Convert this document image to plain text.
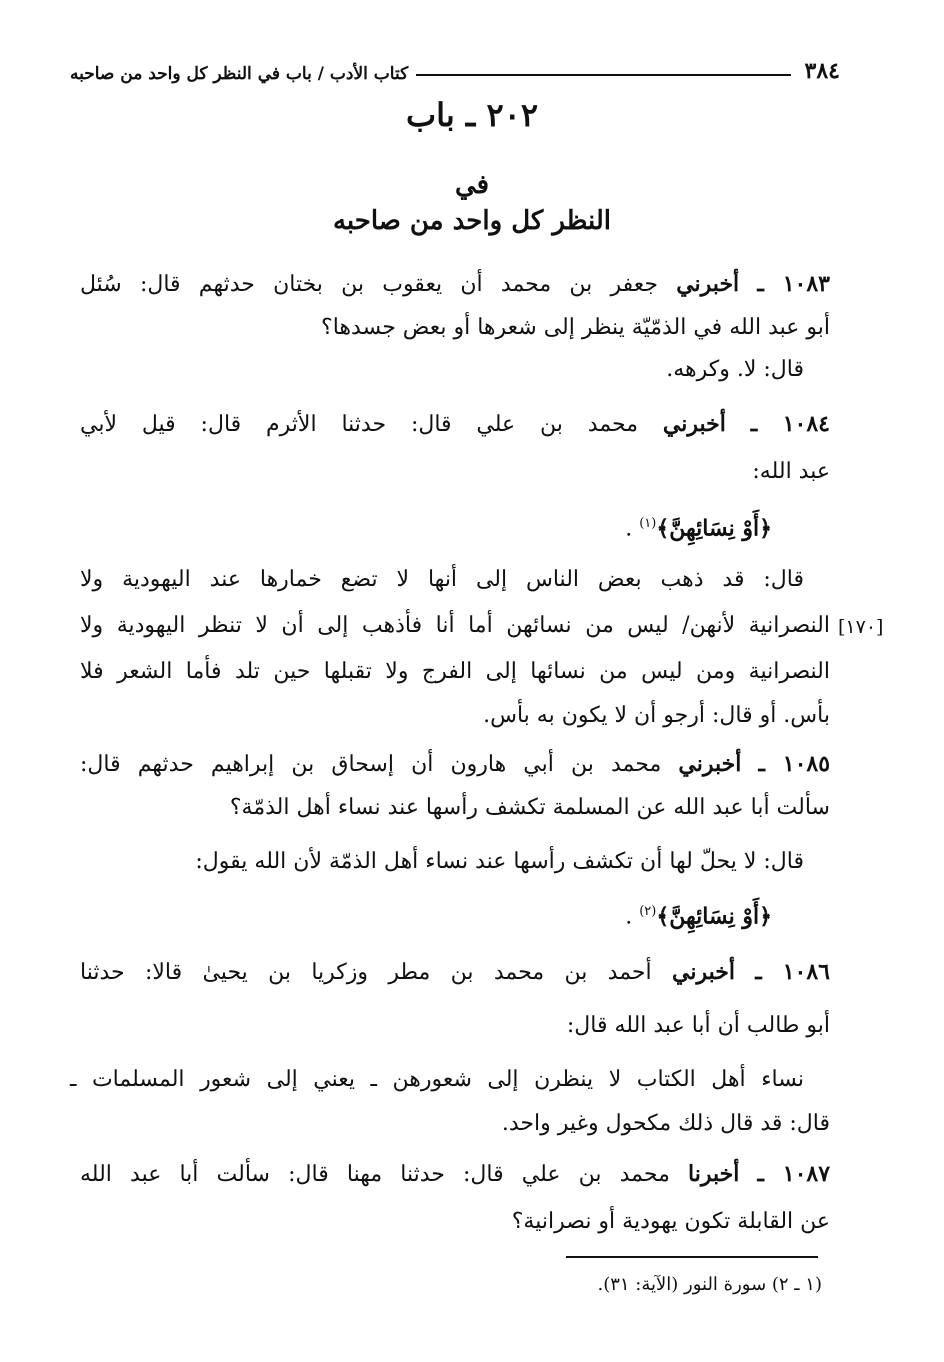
٣٨٤
كتاب الأدب / باب في النظر كل واحد من صاحبه
٢٠٢ ـ باب
في
النظر كل واحد من صاحبه
١٠٨٣ ـ أخبرني جعفر بن محمد أن يعقوب بن بختان حدثهم قال: سُئل
أبو عبد الله في الذمّيّة ينظر إلى شعرها أو بعض جسدها؟
قال: لا. وكرهه.
١٠٨٤ ـ أخبرني محمد بن علي قال: حدثنا الأثرم قال: قيل لأبي
عبد الله:
﴿أَوْ نِسَائِهِنَّ﴾$^{(١)}$ .
قال: قد ذهب بعض الناس إلى أنها لا تضع خمارها عند اليهودية ولا
النصرانية لأنهن/ ليس من نسائهن أما أنا فأذهب إلى أن لا تنظر اليهودية ولا
النصرانية ومن ليس من نسائها إلى الفرج ولا تقبلها حين تلد فأما الشعر فلا
بأس. أو قال: أرجو أن لا يكون به بأس.
[١٧٠]
١٠٨٥ ـ أخبرني محمد بن أبي هارون أن إسحاق بن إبراهيم حدثهم قال:
سألت أبا عبد الله عن المسلمة تكشف رأسها عند نساء أهل الذمّة؟
قال: لا يحلّ لها أن تكشف رأسها عند نساء أهل الذمّة لأن الله يقول:
﴿أَوْ نِسَائِهِنَّ﴾$^{(٢)}$ .
١٠٨٦ ـ أخبرني أحمد بن محمد بن مطر وزكريا بن يحيىٰ قالا: حدثنا
أبو طالب أن أبا عبد الله قال:
نساء أهل الكتاب لا ينظرن إلى شعورهن ـ يعني إلى شعور المسلمات ـ
قال: قد قال ذلك مكحول وغير واحد.
١٠٨٧ ـ أخبرنا محمد بن علي قال: حدثنا مهنا قال: سألت أبا عبد الله
عن القابلة تكون يهودية أو نصرانية؟
(١ ـ ٢) سورة النور (الآية: ٣١).
